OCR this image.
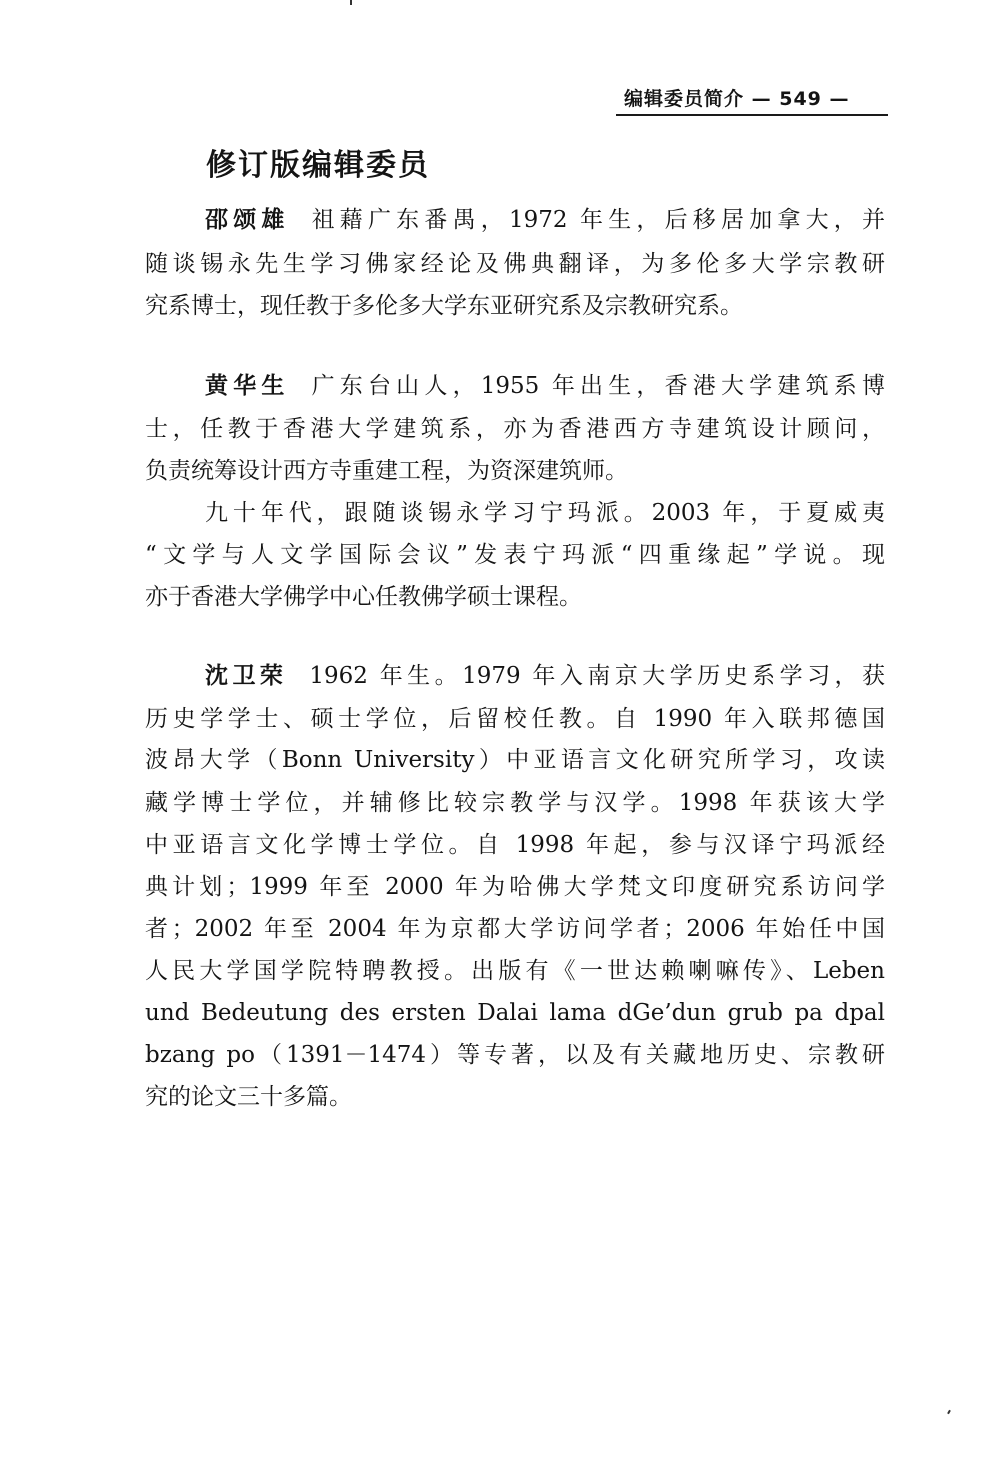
编辑委员简介 — 549 —
修订版编辑委员
邵颂雄 祖藉广东番禺，1972 年生，后移居加拿大，并
随谈锡永先生学习佛家经论及佛典翻译，为多伦多大学宗教研
究系博士，现任教于多伦多大学东亚研究系及宗教研究系。
黄华生 广东台山人，1955 年出生，香港大学建筑系博
士，任教于香港大学建筑系，亦为香港西方寺建筑设计顾问，
负责统筹设计西方寺重建工程，为资深建筑师。
九十年代，跟随谈锡永学习宁玛派。2003 年，于夏威夷
“文学与人文学国际会议”发表宁玛派“四重缘起”学说。现
亦于香港大学佛学中心任教佛学硕士课程。
沈卫荣 1962 年生。1979 年入南京大学历史系学习，获
历史学学士、硕士学位，后留校任教。自 1990 年入联邦德国
波昂大学（Bonn University）中亚语言文化研究所学习，攻读
藏学博士学位，并辅修比较宗教学与汉学。1998 年获该大学
中亚语言文化学博士学位。自 1998 年起，参与汉译宁玛派经
典计划；1999 年至 2000 年为哈佛大学梵文印度研究系访问学
者；2002 年至 2004 年为京都大学访问学者；2006 年始任中国
人民大学国学院特聘教授。出版有《一世达赖喇嘛传》、Leben
und Bedeutung des ersten Dalai lama dGe’dun grub pa dpal
bzang po（1391－1474）等专著，以及有关藏地历史、宗教研
究的论文三十多篇。
